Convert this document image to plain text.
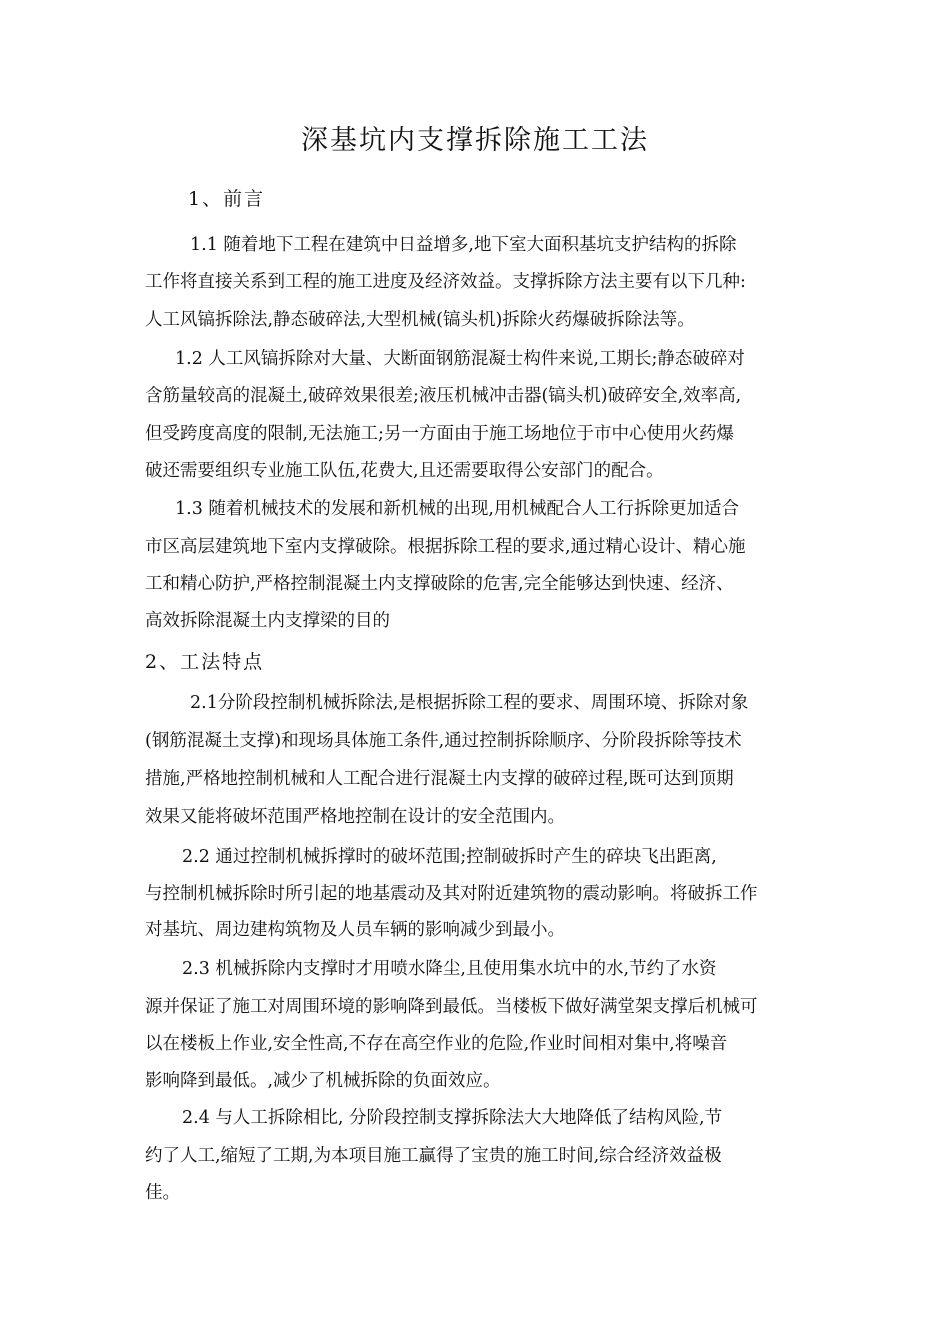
深基坑内支撑拆除施工工法
1、前言
1.1 随着地下工程在建筑中日益增多,地下室大面积基坑支护结构的拆除
工作将直接关系到工程的施工进度及经济效益。支撑拆除方法主要有以下几种:
人工风镐拆除法,静态破碎法,大型机械(镐头机)拆除火药爆破拆除法等。
1.2 人工风镐拆除对大量、大断面钢筋混凝士构件来说,工期长;静态破碎对
含筋量较高的混凝土,破碎效果很差;液压机械冲击器(镐头机)破碎安全,效率高,
但受跨度高度的限制,无法施工;另一方面由于施工场地位于市中心使用火药爆
破还需要组织专业施工队伍,花费大,且还需要取得公安部门的配合。
1.3 随着机械技术的发展和新机械的出现,用机械配合人工行拆除更加适合
市区高层建筑地下室内支撑破除。根据拆除工程的要求,通过精心设计、精心施
工和精心防护,严格控制混凝土内支撑破除的危害,完全能够达到快速、经济、
高效拆除混凝土内支撑梁的目的
2、工法特点
2.1分阶段控制机械拆除法,是根据拆除工程的要求、周围环境、拆除对象
(钢筋混凝土支撑)和现场具体施工条件,通过控制拆除顺序、分阶段拆除等技术
措施,严格地控制机械和人工配合进行混凝土内支撑的破碎过程,既可达到顶期
效果又能将破坏范围严格地控制在设计的安全范围内。
2.2 通过控制机械拆撑时的破坏范围;控制破拆时产生的碎块飞出距离,
与控制机械拆除时所引起的地基震动及其对附近建筑物的震动影响。将破拆工作
对基坑、周边建构筑物及人员车辆的影响减少到最小。
2.3 机械拆除内支撑时才用喷水降尘,且使用集水坑中的水,节约了水资
源并保证了施工对周围环境的影响降到最低。当楼板下做好满堂架支撑后机械可
以在楼板上作业,安全性高,不存在高空作业的危险,作业时间相对集中,将噪音
影响降到最低。,减少了机械拆除的负面效应。
2.4 与人工拆除相比, 分阶段控制支撑拆除法大大地降低了结构风险,节
约了人工,缩短了工期,为本项目施工赢得了宝贵的施工时间,综合经济效益极
佳。
